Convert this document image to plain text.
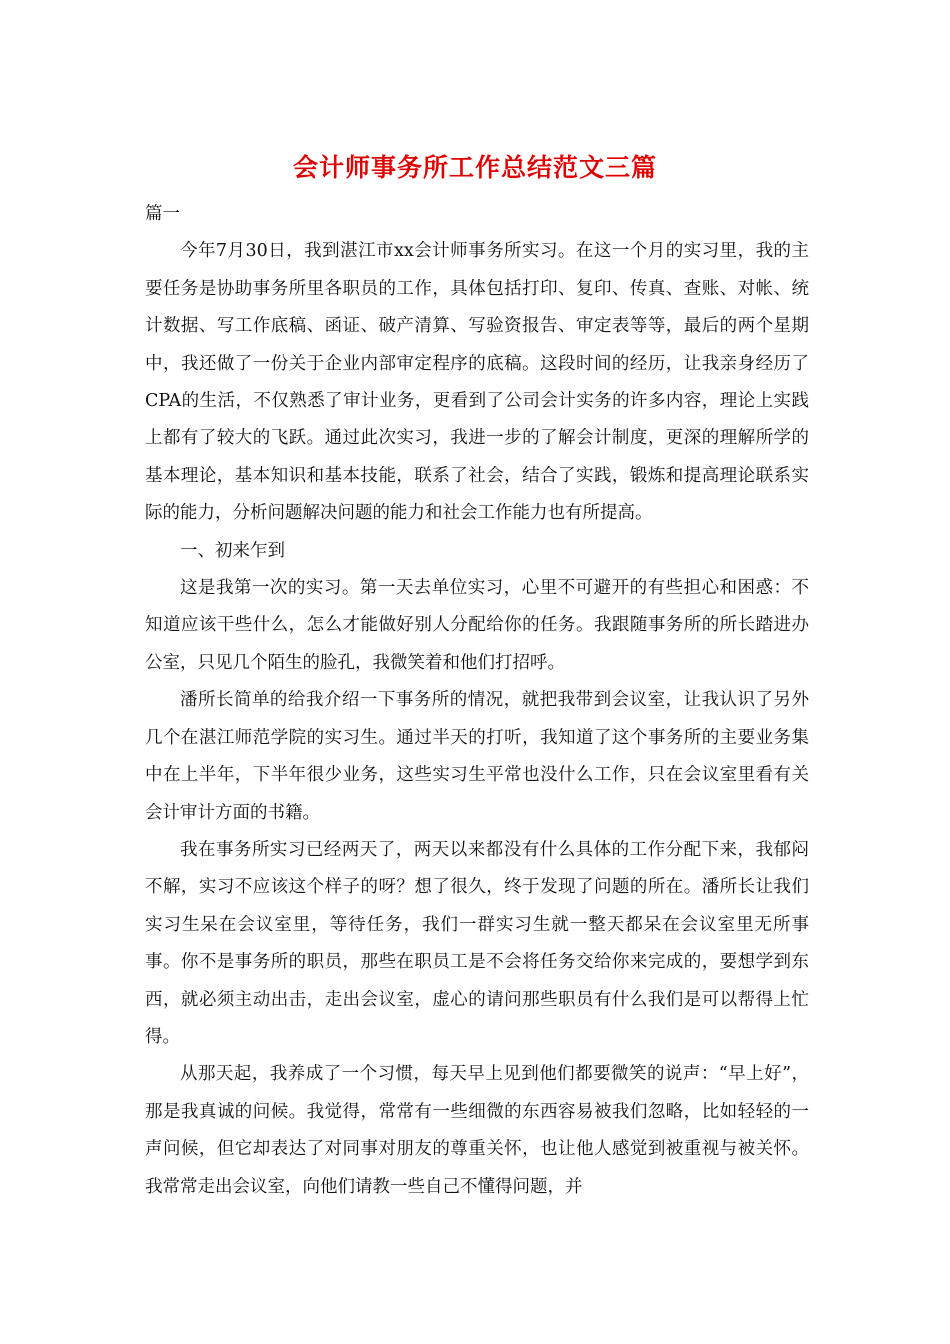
会计师事务所工作总结范文三篇

篇一

今年7月30日，我到湛江市xx会计师事务所实习。在这一个月的实习里，我的主要任务是协助事务所里各职员的工作，具体包括打印、复印、传真、查账、对帐、统计数据、写工作底稿、函证、破产清算、写验资报告、审定表等等，最后的两个星期中，我还做了一份关于企业内部审定程序的底稿。这段时间的经历，让我亲身经历了CPA的生活，不仅熟悉了审计业务，更看到了公司会计实务的许多内容，理论上实践上都有了较大的飞跃。通过此次实习，我进一步的了解会计制度，更深的理解所学的基本理论，基本知识和基本技能，联系了社会，结合了实践，锻炼和提高理论联系实际的能力，分析问题解决问题的能力和社会工作能力也有所提高。

一、初来乍到

这是我第一次的实习。第一天去单位实习，心里不可避开的有些担心和困惑：不知道应该干些什么，怎么才能做好别人分配给你的任务。我跟随事务所的所长踏进办公室，只见几个陌生的脸孔，我微笑着和他们打招呼。

潘所长简单的给我介绍一下事务所的情况，就把我带到会议室，让我认识了另外几个在湛江师范学院的实习生。通过半天的打听，我知道了这个事务所的主要业务集中在上半年，下半年很少业务，这些实习生平常也没什么工作，只在会议室里看有关会计审计方面的书籍。

我在事务所实习已经两天了，两天以来都没有什么具体的工作分配下来，我郁闷不解，实习不应该这个样子的呀？想了很久，终于发现了问题的所在。潘所长让我们实习生呆在会议室里，等待任务，我们一群实习生就一整天都呆在会议室里无所事事。你不是事务所的职员，那些在职员工是不会将任务交给你来完成的，要想学到东西，就必须主动出击，走出会议室，虚心的请问那些职员有什么我们是可以帮得上忙得。

从那天起，我养成了一个习惯，每天早上见到他们都要微笑的说声：“早上好”，那是我真诚的问候。我觉得，常常有一些细微的东西容易被我们忽略，比如轻轻的一声问候，但它却表达了对同事对朋友的尊重关怀，也让他人感觉到被重视与被关怀。我常常走出会议室，向他们请教一些自己不懂得问题，并
